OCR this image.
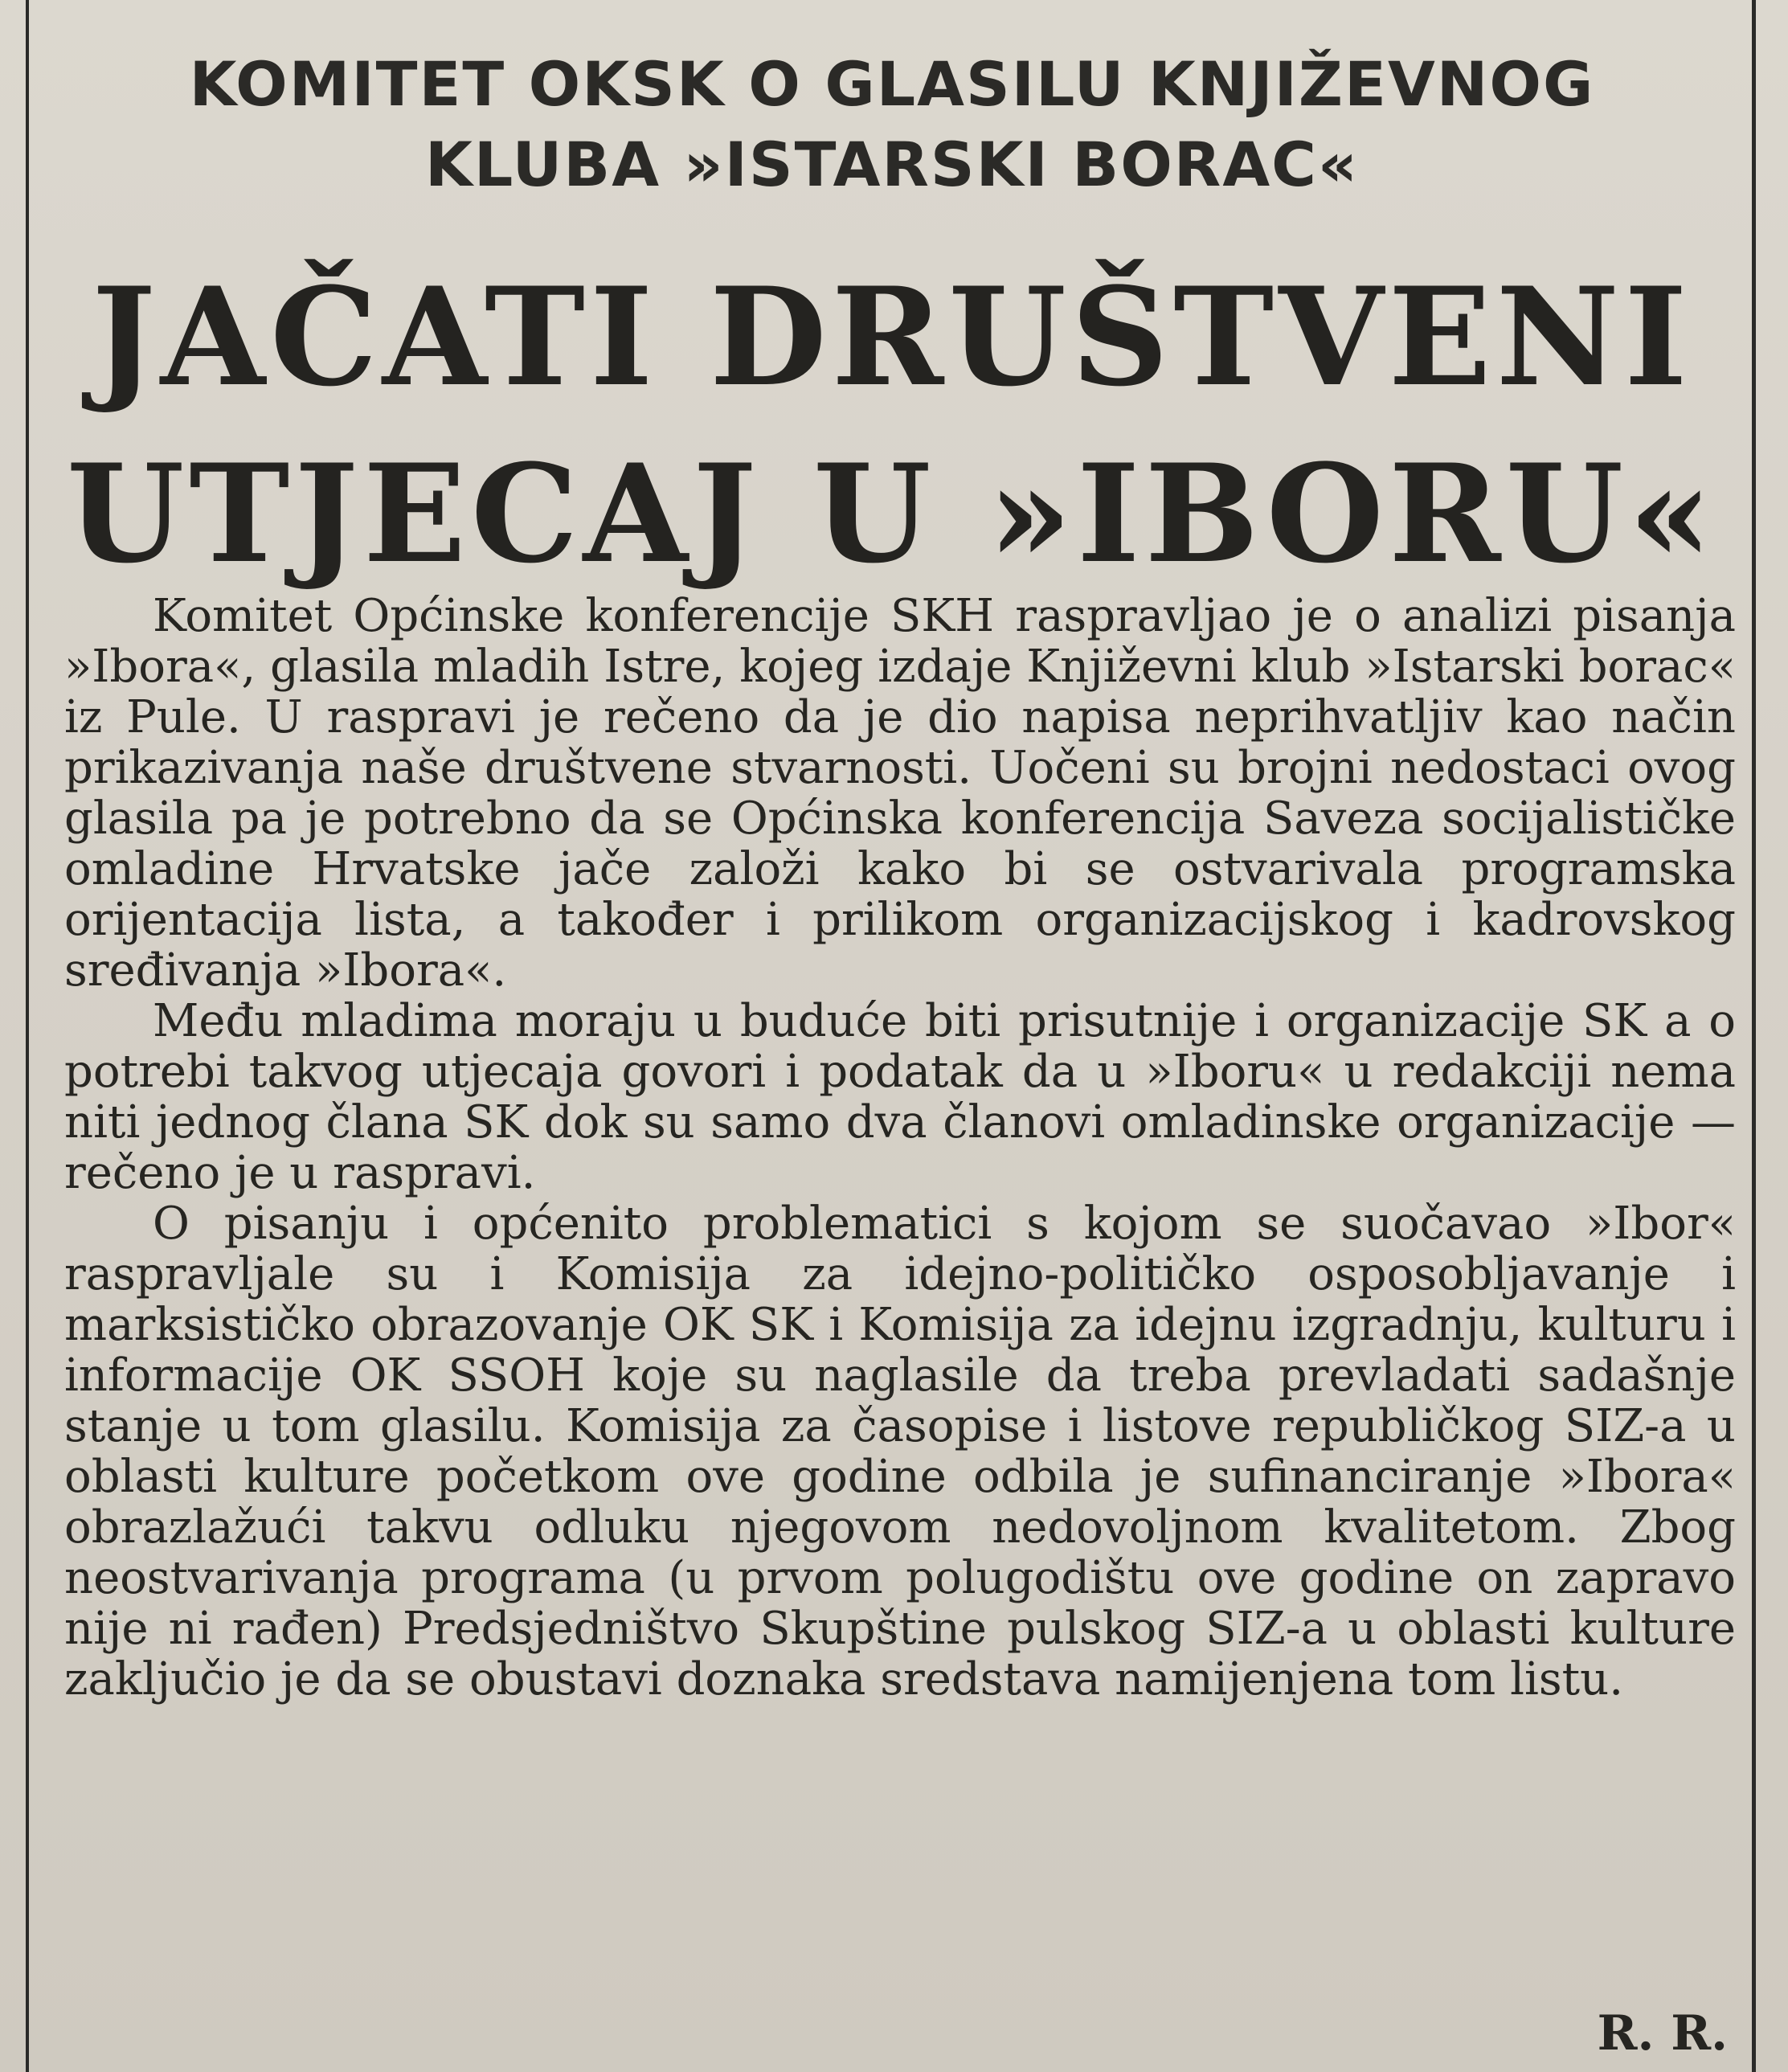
KOMITET OKSK O GLASILU KNJIŽEVNOG
KLUBA »ISTARSKI BORAC«
JAČATI DRUŠTVENI
UTJECAJ U »IBORU«

Komitet Općinske konferencije SKH raspravljao je o analizi pisanja »Ibora«, glasila mladih Istre, kojeg izdaje Književni klub »Istarski borac« iz Pule. U raspravi je rečeno da je dio napisa neprihvatljiv kao način prikazivanja naše društvene stvarnosti. Uočeni su brojni nedostaci ovog glasila pa je potrebno da se Općinska konferencija Saveza socijalističke omladine Hrvatske jače založi kako bi se ostvarivala programska orijentacija lista, a također i prilikom organizacijskog i kadrovskog sređivanja »Ibora«.

Među mladima moraju u buduće biti prisutnije i organizacije SK a o potrebi takvog utjecaja govori i podatak da u »Iboru« u redakciji nema niti jednog člana SK dok su samo dva članovi omladinske organizacije — rečeno je u raspravi.

O pisanju i općenito problematici s kojom se suočavao »Ibor« raspravljale su i Komisija za idejno-političko osposobljavanje i marksističko obrazovanje OK SK i Komisija za idejnu izgradnju, kulturu i informacije OK SSOH koje su naglasile da treba prevladati sadašnje stanje u tom glasilu. Komisija za časopise i listove republičkog SIZ-a u oblasti kulture početkom ove godine odbila je sufinanciranje »Ibora« obrazlažući takvu odluku njegovom nedovoljnom kvalitetom. Zbog neostvarivanja programa (u prvom polugodištu ove godine on zapravo nije ni rađen) Predsjedništvo Skupštine pulskog SIZ-a u oblasti kulture zaključio je da se obustavi doznaka sredstava namijenjena tom listu.

R. R.
